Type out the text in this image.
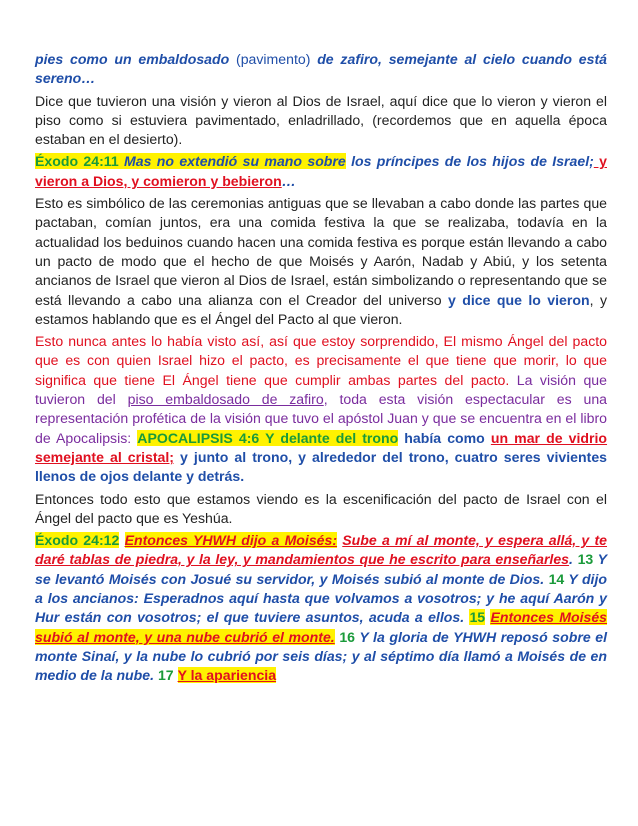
pies como un embaldosado (pavimento) de zafiro, semejante al cielo cuando está sereno…

Dice que tuvieron una visión y vieron al Dios de Israel, aquí dice que lo vieron y vieron el piso como si estuviera pavimentado, enladrillado, (recordemos que en aquella época estaban en el desierto).

Éxodo 24:11 Mas no extendió su mano sobre los príncipes de los hijos de Israel; y vieron a Dios, y comieron y bebieron…

Esto es simbólico de las ceremonias antiguas que se llevaban a cabo donde las partes que pactaban, comían juntos, era una comida festiva la que se realizaba, todavía en la actualidad los beduinos cuando hacen una comida festiva es porque están llevando a cabo un pacto de modo que el hecho de que Moisés y Aarón, Nadab y Abiú, y los setenta ancianos de Israel que vieron al Dios de Israel, están simbolizando o representando que se está llevando a cabo una alianza con el Creador del universo y dice que lo vieron, y estamos hablando que es el Ángel del Pacto al que vieron.

Esto nunca antes lo había visto así, así que estoy sorprendido, El mismo Ángel del pacto que es con quien Israel hizo el pacto, es precisamente el que tiene que morir, lo que significa que tiene El Ángel tiene que cumplir ambas partes del pacto. La visión que tuvieron del piso embaldosado de zafiro, toda esta visión espectacular es una representación profética de la visión que tuvo el apóstol Juan y que se encuentra en el libro de Apocalipsis: APOCALIPSIS 4:6 Y delante del trono había como un mar de vidrio semejante al cristal; y junto al trono, y alrededor del trono, cuatro seres vivientes llenos de ojos delante y detrás.

Entonces todo esto que estamos viendo es la escenificación del pacto de Israel con el Ángel del pacto que es Yeshúa.

Éxodo 24:12 Entonces YHWH dijo a Moisés: Sube a mí al monte, y espera allá, y te daré tablas de piedra, y la ley, y mandamientos que he escrito para enseñarles. 13 Y se levantó Moisés con Josué su servidor, y Moisés subió al monte de Dios. 14 Y dijo a los ancianos: Esperadnos aquí hasta que volvamos a vosotros; y he aquí Aarón y Hur están con vosotros; el que tuviere asuntos, acuda a ellos. 15 Entonces Moisés subió al monte, y una nube cubrió el monte. 16 Y la gloria de YHWH reposó sobre el monte Sinaí, y la nube lo cubrió por seis días; y al séptimo día llamó a Moisés de en medio de la nube. 17 Y la apariencia
